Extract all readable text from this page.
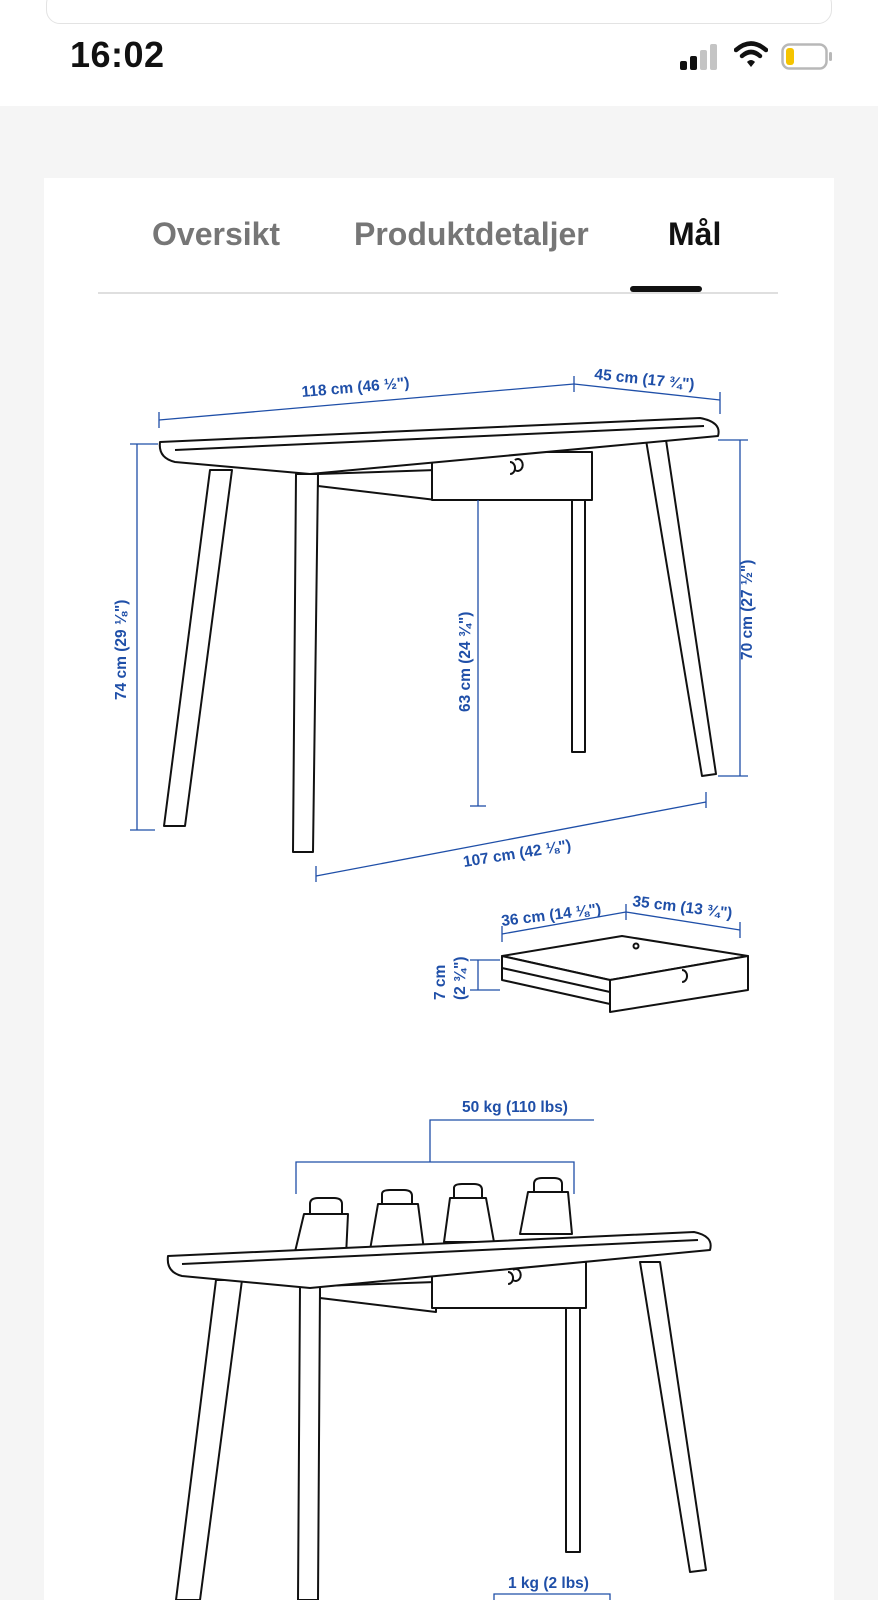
16:02
Oversikt Produktdetaljer Mål
118 cm (46 ½")	45 cm (17 ¾")
74 cm (29 ⅛")	70 cm (27 ½")
63 cm (24 ¾")
107 cm (42 ⅛")
36 cm (14 ⅛") 35 cm (13 ¾")
7 cm (2 ¾")
50 kg (110 lbs)
1 kg (2 lbs)
